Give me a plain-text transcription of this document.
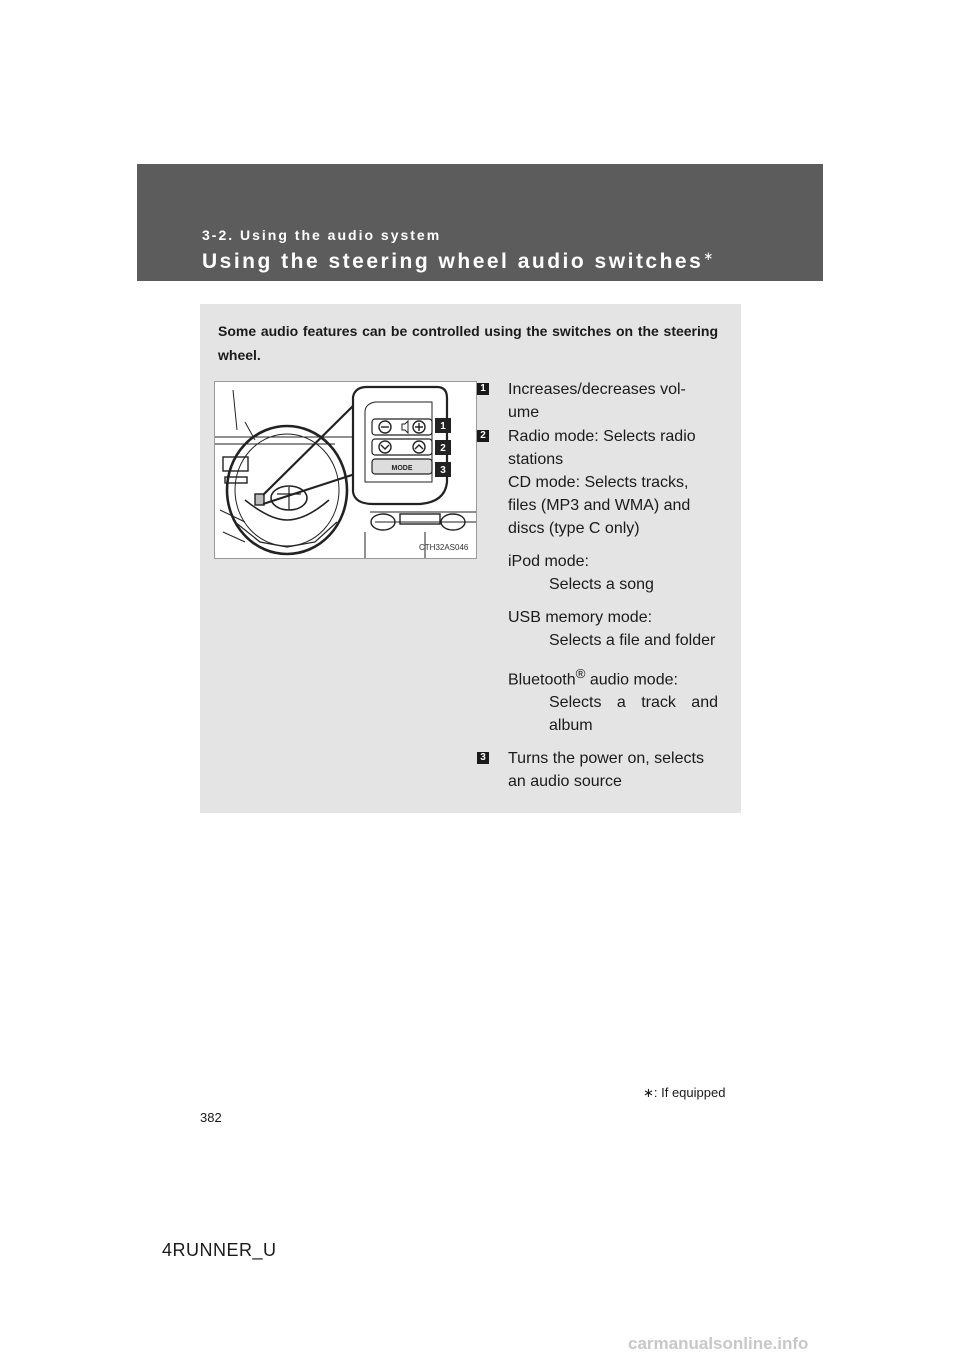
3-2. Using the audio system
Using the steering wheel audio switches∗
Some audio features can be controlled using the switches on the steering wheel.
MODE
1
2
3
CTH32AS046
1 Increases/decreases vol-
ume
2 Radio mode: Selects radio
stations
CD mode: Selects tracks,
files (MP3 and WMA) and
discs (type C only)
iPod mode:
Selects a song
USB memory mode:
Selects a file and folder
Bluetooth® audio mode:
Selects a track and album
3 Turns the power on, selects
an audio source
∗: If equipped
382
4RUNNER_U
carmanualsonline.info
